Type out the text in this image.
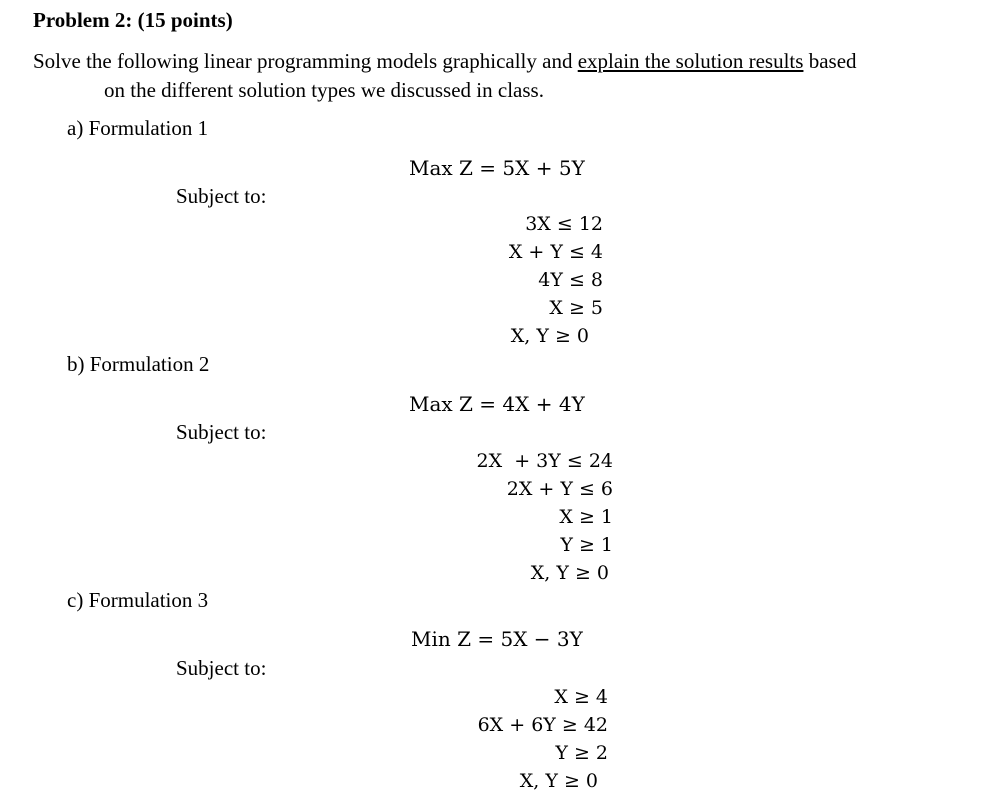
Problem 2: (15 points)
Solve the following linear programming models graphically and explain the solution results based
on the different solution types we discussed in class.
a) Formulation 1
Max Z = 5X + 5Y
Subject to:
3X ≤ 12
X + Y ≤ 4
4Y ≤ 8
X ≥ 5
X, Y ≥ 0
b) Formulation 2
Max Z = 4X + 4Y
Subject to:
2X  + 3Y ≤ 24
2X + Y ≤ 6
X ≥ 1
Y ≥ 1
X, Y ≥ 0
c) Formulation 3
Min Z = 5X − 3Y
Subject to:
X ≥ 4
6X + 6Y ≥ 42
Y ≥ 2
X, Y ≥ 0
